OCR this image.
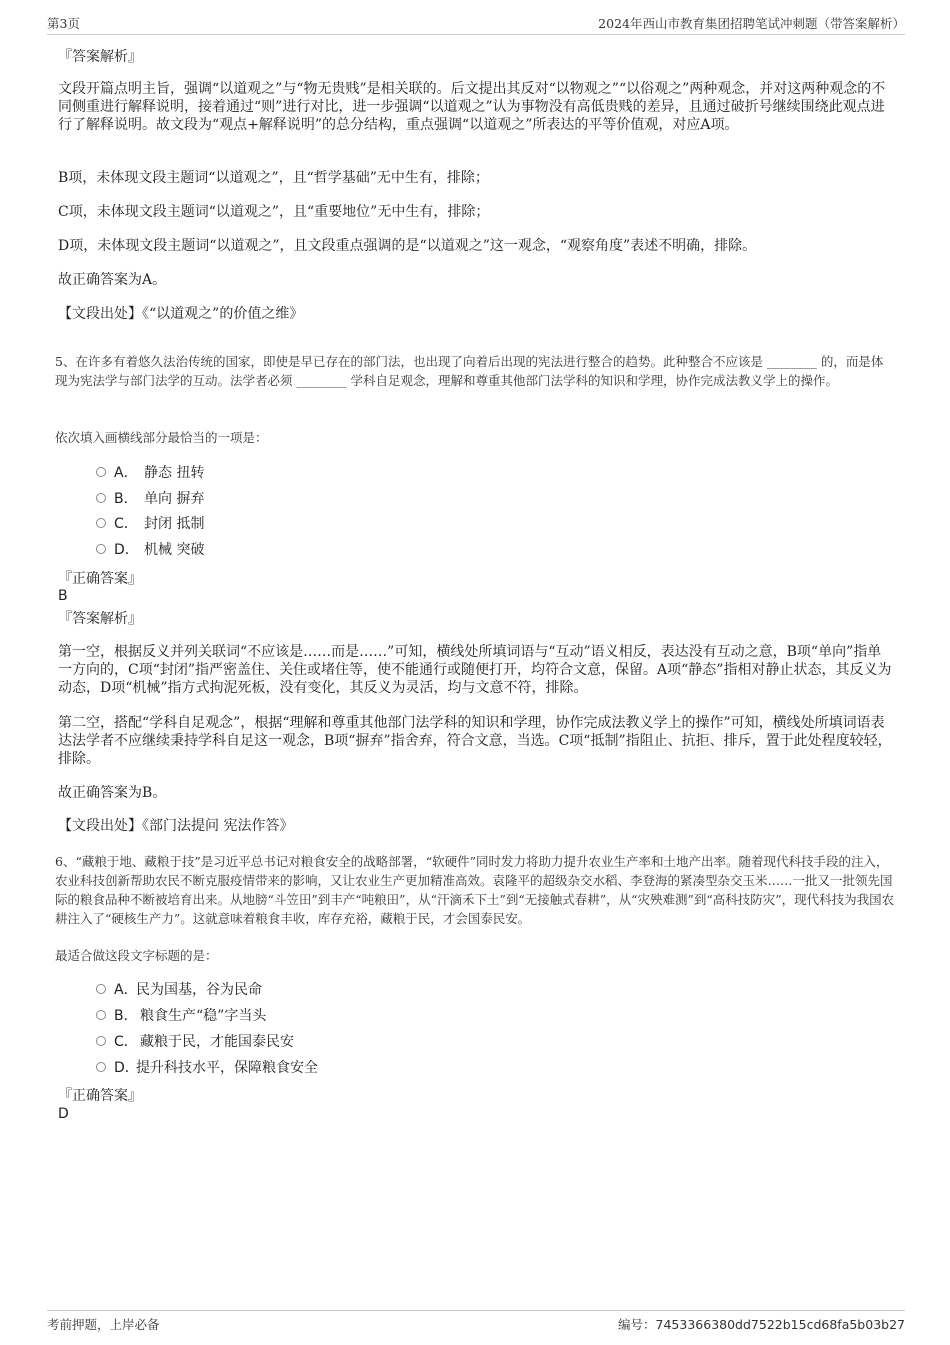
第3页	2024年西山市教育集团招聘笔试冲刺题（带答案解析）
『答案解析』

文段开篇点明主旨，强调“以道观之”与“物无贵贱”是相关联的。后文提出其反对“以物观之”“以俗观之”两种观念，并对这两种观念的不同侧重进行解释说明，接着通过“则”进行对比，进一步强调“以道观之”认为事物没有高低贵贱的差异，且通过破折号继续围绕此观点进行了解释说明。故文段为“观点+解释说明”的总分结构，重点强调“以道观之”所表达的平等价值观，对应A项。

B项，未体现文段主题词“以道观之”，且“哲学基础”无中生有，排除；

C项，未体现文段主题词“以道观之”，且“重要地位”无中生有，排除；

D项，未体现文段主题词“以道观之”，且文段重点强调的是“以道观之”这一观念，“观察角度”表述不明确，排除。

故正确答案为A。

【文段出处】《“以道观之”的价值之维》

5、在许多有着悠久法治传统的国家，即使是早已存在的部门法，也出现了向着后出现的宪法进行整合的趋势。此种整合不应该是 ________ 的，而是体现为宪法学与部门法学的互动。法学者必须 ________ 学科自足观念，理解和尊重其他部门法学科的知识和学理，协作完成法教义学上的操作。

依次填入画横线部分最恰当的一项是：

A． 静态 扭转
B． 单向 摒弃
C． 封闭 抵制
D． 机械 突破
『正确答案』
B
『答案解析』

第一空，根据反义并列关联词“不应该是……而是……”可知，横线处所填词语与“互动”语义相反，表达没有互动之意，B项“单向”指单一方向的，C项“封闭”指严密盖住、关住或堵住等，使不能通行或随便打开，均符合文意，保留。A项“静态”指相对静止状态，其反义为动态，D项“机械”指方式拘泥死板，没有变化，其反义为灵活，均与文意不符，排除。

第二空，搭配“学科自足观念”，根据“理解和尊重其他部门法学科的知识和学理，协作完成法教义学上的操作”可知，横线处所填词语表达法学者不应继续秉持学科自足这一观念，B项“摒弃”指舍弃，符合文意，当选。C项“抵制”指阻止、抗拒、排斥，置于此处程度较轻，排除。

故正确答案为B。

【文段出处】《部门法提问 宪法作答》

6、“藏粮于地、藏粮于技”是习近平总书记对粮食安全的战略部署，“软硬件”同时发力将助力提升农业生产率和土地产出率。随着现代科技手段的注入，农业科技创新帮助农民不断克服疫情带来的影响，又让农业生产更加精准高效。袁隆平的超级杂交水稻、李登海的紧凑型杂交玉米……一批又一批领先国际的粮食品种不断被培育出来。从地膀“斗笠田”到丰产“吨粮田”，从“汗滴禾下土”到“无接触式春耕”，从“灾殃难测”到“高科技防灾”，现代科技为我国农耕注入了“硬核生产力”。这就意味着粮食丰收，库存充裕，藏粮于民，才会国泰民安。

最适合做这段文字标题的是：

A．民为国基，谷为民命
B． 粮食生产“稳”字当头
C． 藏粮于民，才能国泰民安
D．提升科技水平，保障粮食安全
『正确答案』
D
考前押题，上岸必备	编号：7453366380dd7522b15cd68fa5b03b27
